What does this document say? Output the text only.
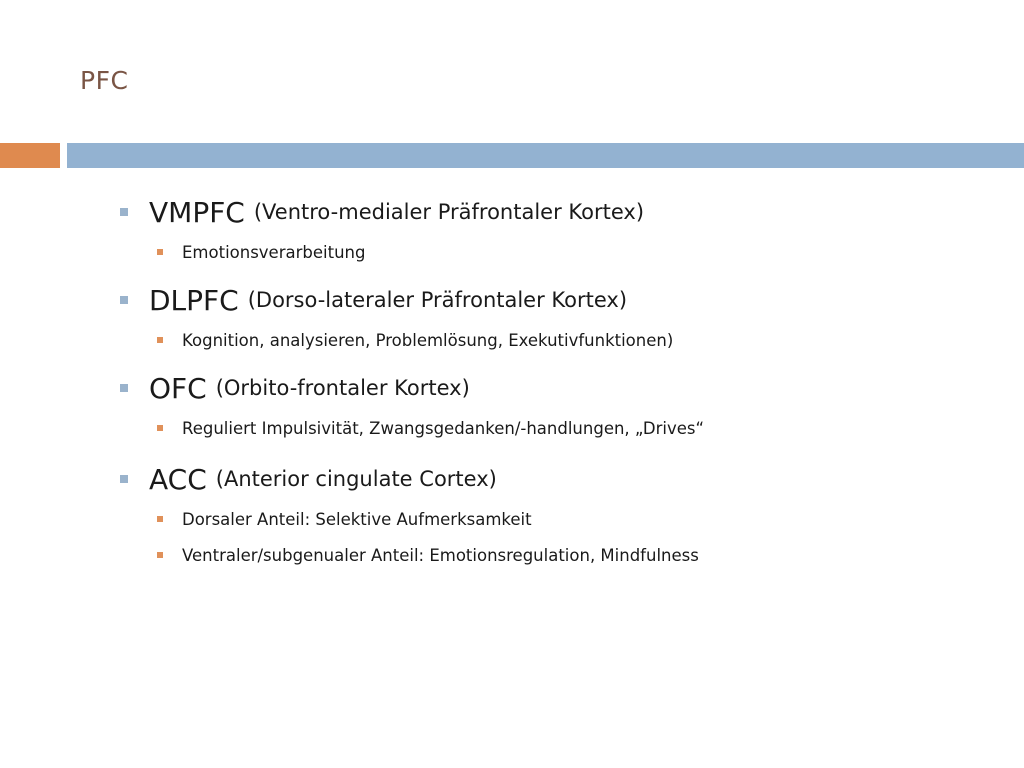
PFC
VMPFC (Ventro-medialer Präfrontaler Kortex)
Emotionsverarbeitung
DLPFC (Dorso-lateraler Präfrontaler Kortex)
Kognition, analysieren, Problemlösung, Exekutivfunktionen)
OFC (Orbito-frontaler Kortex)
Reguliert Impulsivität, Zwangsgedanken/-handlungen, „Drives“
ACC (Anterior cingulate Cortex)
Dorsaler Anteil: Selektive Aufmerksamkeit
Ventraler/subgenualer Anteil: Emotionsregulation, Mindfulness
